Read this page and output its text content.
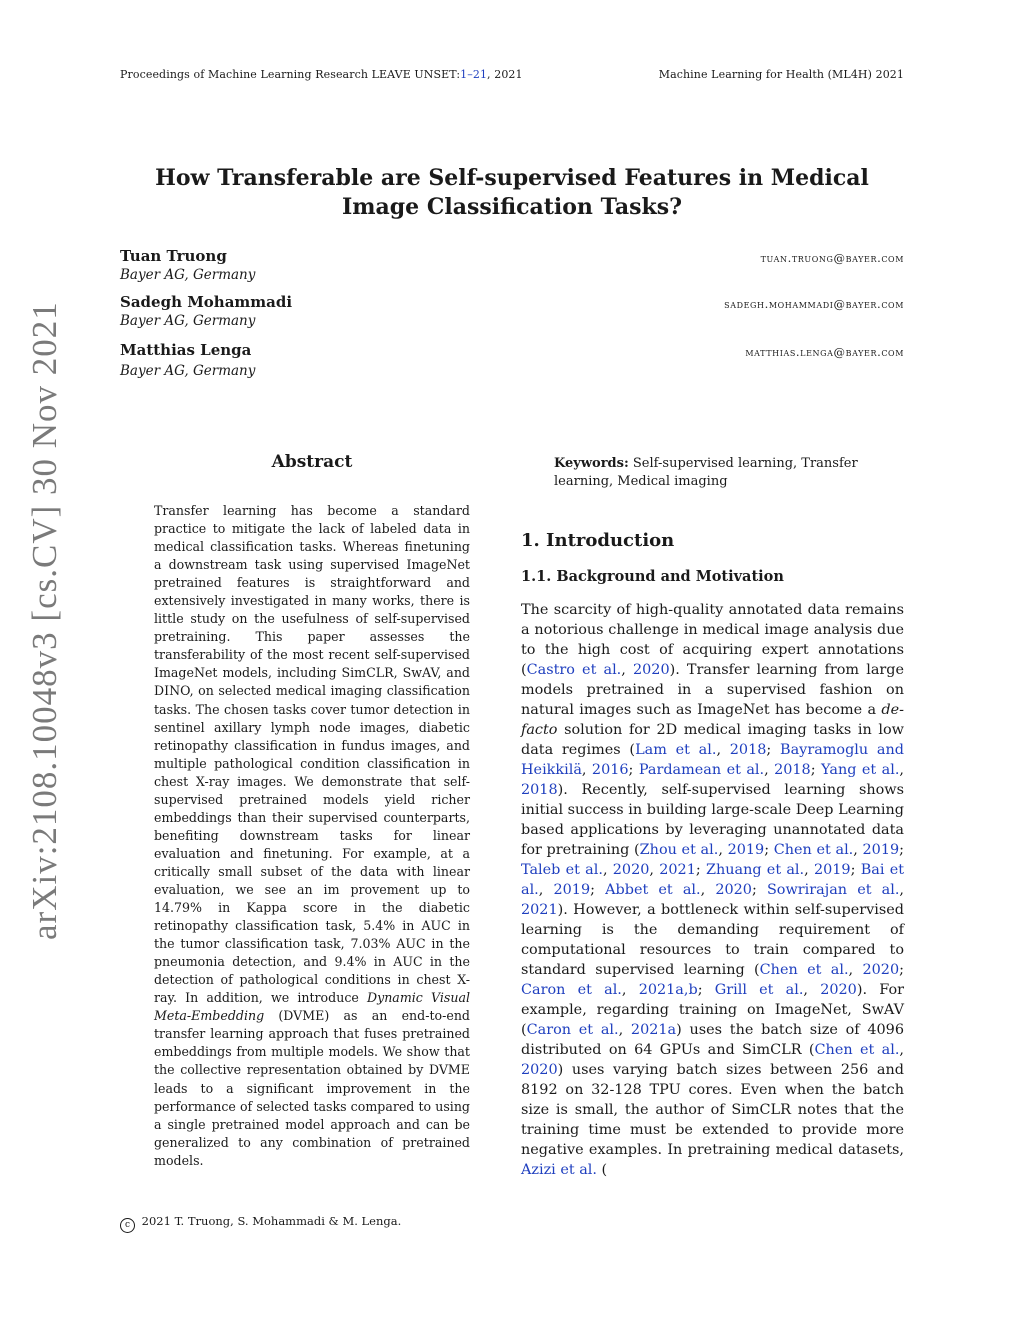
Proceedings of Machine Learning Research LEAVE UNSET:1–21, 2021	Machine Learning for Health (ML4H) 2021
How Transferable are Self-supervised Features in Medical Image Classification Tasks?
Tuan Truong	tuan.truong@bayer.com
Bayer AG, Germany
Sadegh Mohammadi	sadegh.mohammadi@bayer.com
Bayer AG, Germany
Matthias Lenga	matthias.lenga@bayer.com
Bayer AG, Germany
arXiv:2108.10048v3 [cs.CV] 30 Nov 2021	Abstract

Transfer learning has become a standard practice to mitigate the lack of labeled data in medical classification tasks. Whereas finetuning a downstream task using supervised ImageNet pretrained features is straightforward and extensively investigated in many works, there is little study on the usefulness of self-supervised pretraining. This paper assesses the transferability of the most recent self-supervised ImageNet models, including SimCLR, SwAV, and DINO, on selected medical imaging classification tasks. The chosen tasks cover tumor detection in sentinel axillary lymph node images, diabetic retinopathy classification in fundus images, and multiple pathological condition classification in chest X-ray images. We demonstrate that self-supervised pretrained models yield richer embeddings than their supervised counterparts, benefiting downstream tasks for linear evaluation and finetuning. For example, at a critically small subset of the data with linear evaluation, we see an im provement up to 14.79% in Kappa score in the diabetic retinopathy classification task, 5.4% in AUC in the tumor classification task, 7.03% AUC in the pneumonia detection, and 9.4% in AUC in the detection of pathological conditions in chest X-ray. In addition, we introduce Dynamic Visual Meta-Embedding (DVME) as an end-to-end transfer learning approach that fuses pretrained embeddings from multiple models. We show that the collective representation obtained by DVME leads to a significant improvement in the performance of selected tasks compared to using a single pretrained model approach and can be generalized to any combination of pretrained models.

Keywords: Self-supervised learning, Transfer learning, Medical imaging
1. Introduction
1.1. Background and Motivation

The scarcity of high-quality annotated data remains a notorious challenge in medical image analysis due to the high cost of acquiring expert annotations (Castro et al., 2020). Transfer learning from large models pretrained in a supervised fashion on natural images such as ImageNet has become a de-facto solution for 2D medical imaging tasks in low data regimes (Lam et al., 2018; Bayramoglu and Heikkilä, 2016; Pardamean et al., 2018; Yang et al., 2018). Recently, self-supervised learning shows initial success in building large-scale Deep Learning based applications by leveraging unannotated data for pretraining (Zhou et al., 2019; Chen et al., 2019; Taleb et al., 2020, 2021; Zhuang et al., 2019; Bai et al., 2019; Abbet et al., 2020; Sowrirajan et al., 2021). However, a bottleneck within self-supervised learning is the demanding requirement of computational resources to train compared to standard supervised learning (Chen et al., 2020; Caron et al., 2021a,b; Grill et al., 2020). For example, regarding training on ImageNet, SwAV (Caron et al., 2021a) uses the batch size of 4096 distributed on 64 GPUs and SimCLR (Chen et al., 2020) uses varying batch sizes between 256 and 8192 on 32-128 TPU cores. Even when the batch size is small, the author of SimCLR notes that the training time must be extended to provide more negative examples. In pretraining medical datasets, Azizi et al. (

c 2021 T. Truong, S. Mohammadi & M. Lenga.
